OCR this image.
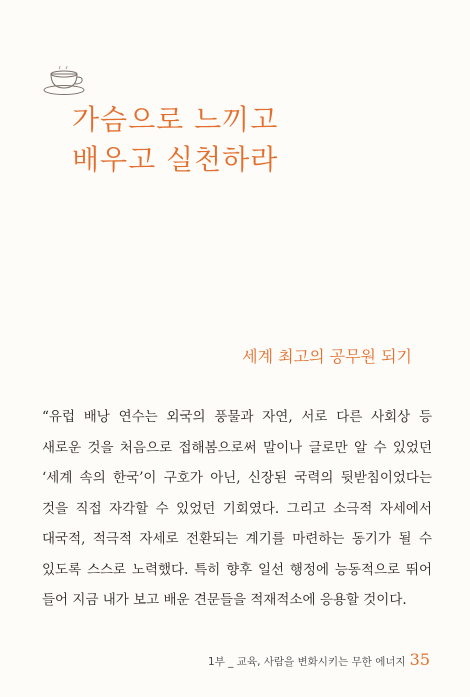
가슴으로 느끼고
배우고 실천하라
세계 최고의 공무원 되기
“유럽 배낭 연수는 외국의 풍물과 자연, 서로 다른 사회상 등
새로운 것을 처음으로 접해봄으로써 말이나 글로만 알 수 있었던
‘세계 속의 한국’이 구호가 아닌, 신장된 국력의 뒷받침이었다는
것을 직접 자각할 수 있었던 기회였다. 그리고 소극적 자세에서
대국적, 적극적 자세로 전환되는 계기를 마련하는 동기가 될 수
있도록 스스로 노력했다. 특히 향후 일선 행정에 능동적으로 뛰어
들어 지금 내가 보고 배운 견문들을 적재적소에 응용할 것이다.
1부 _ 교육, 사람을 변화시키는 무한 에너지 35
